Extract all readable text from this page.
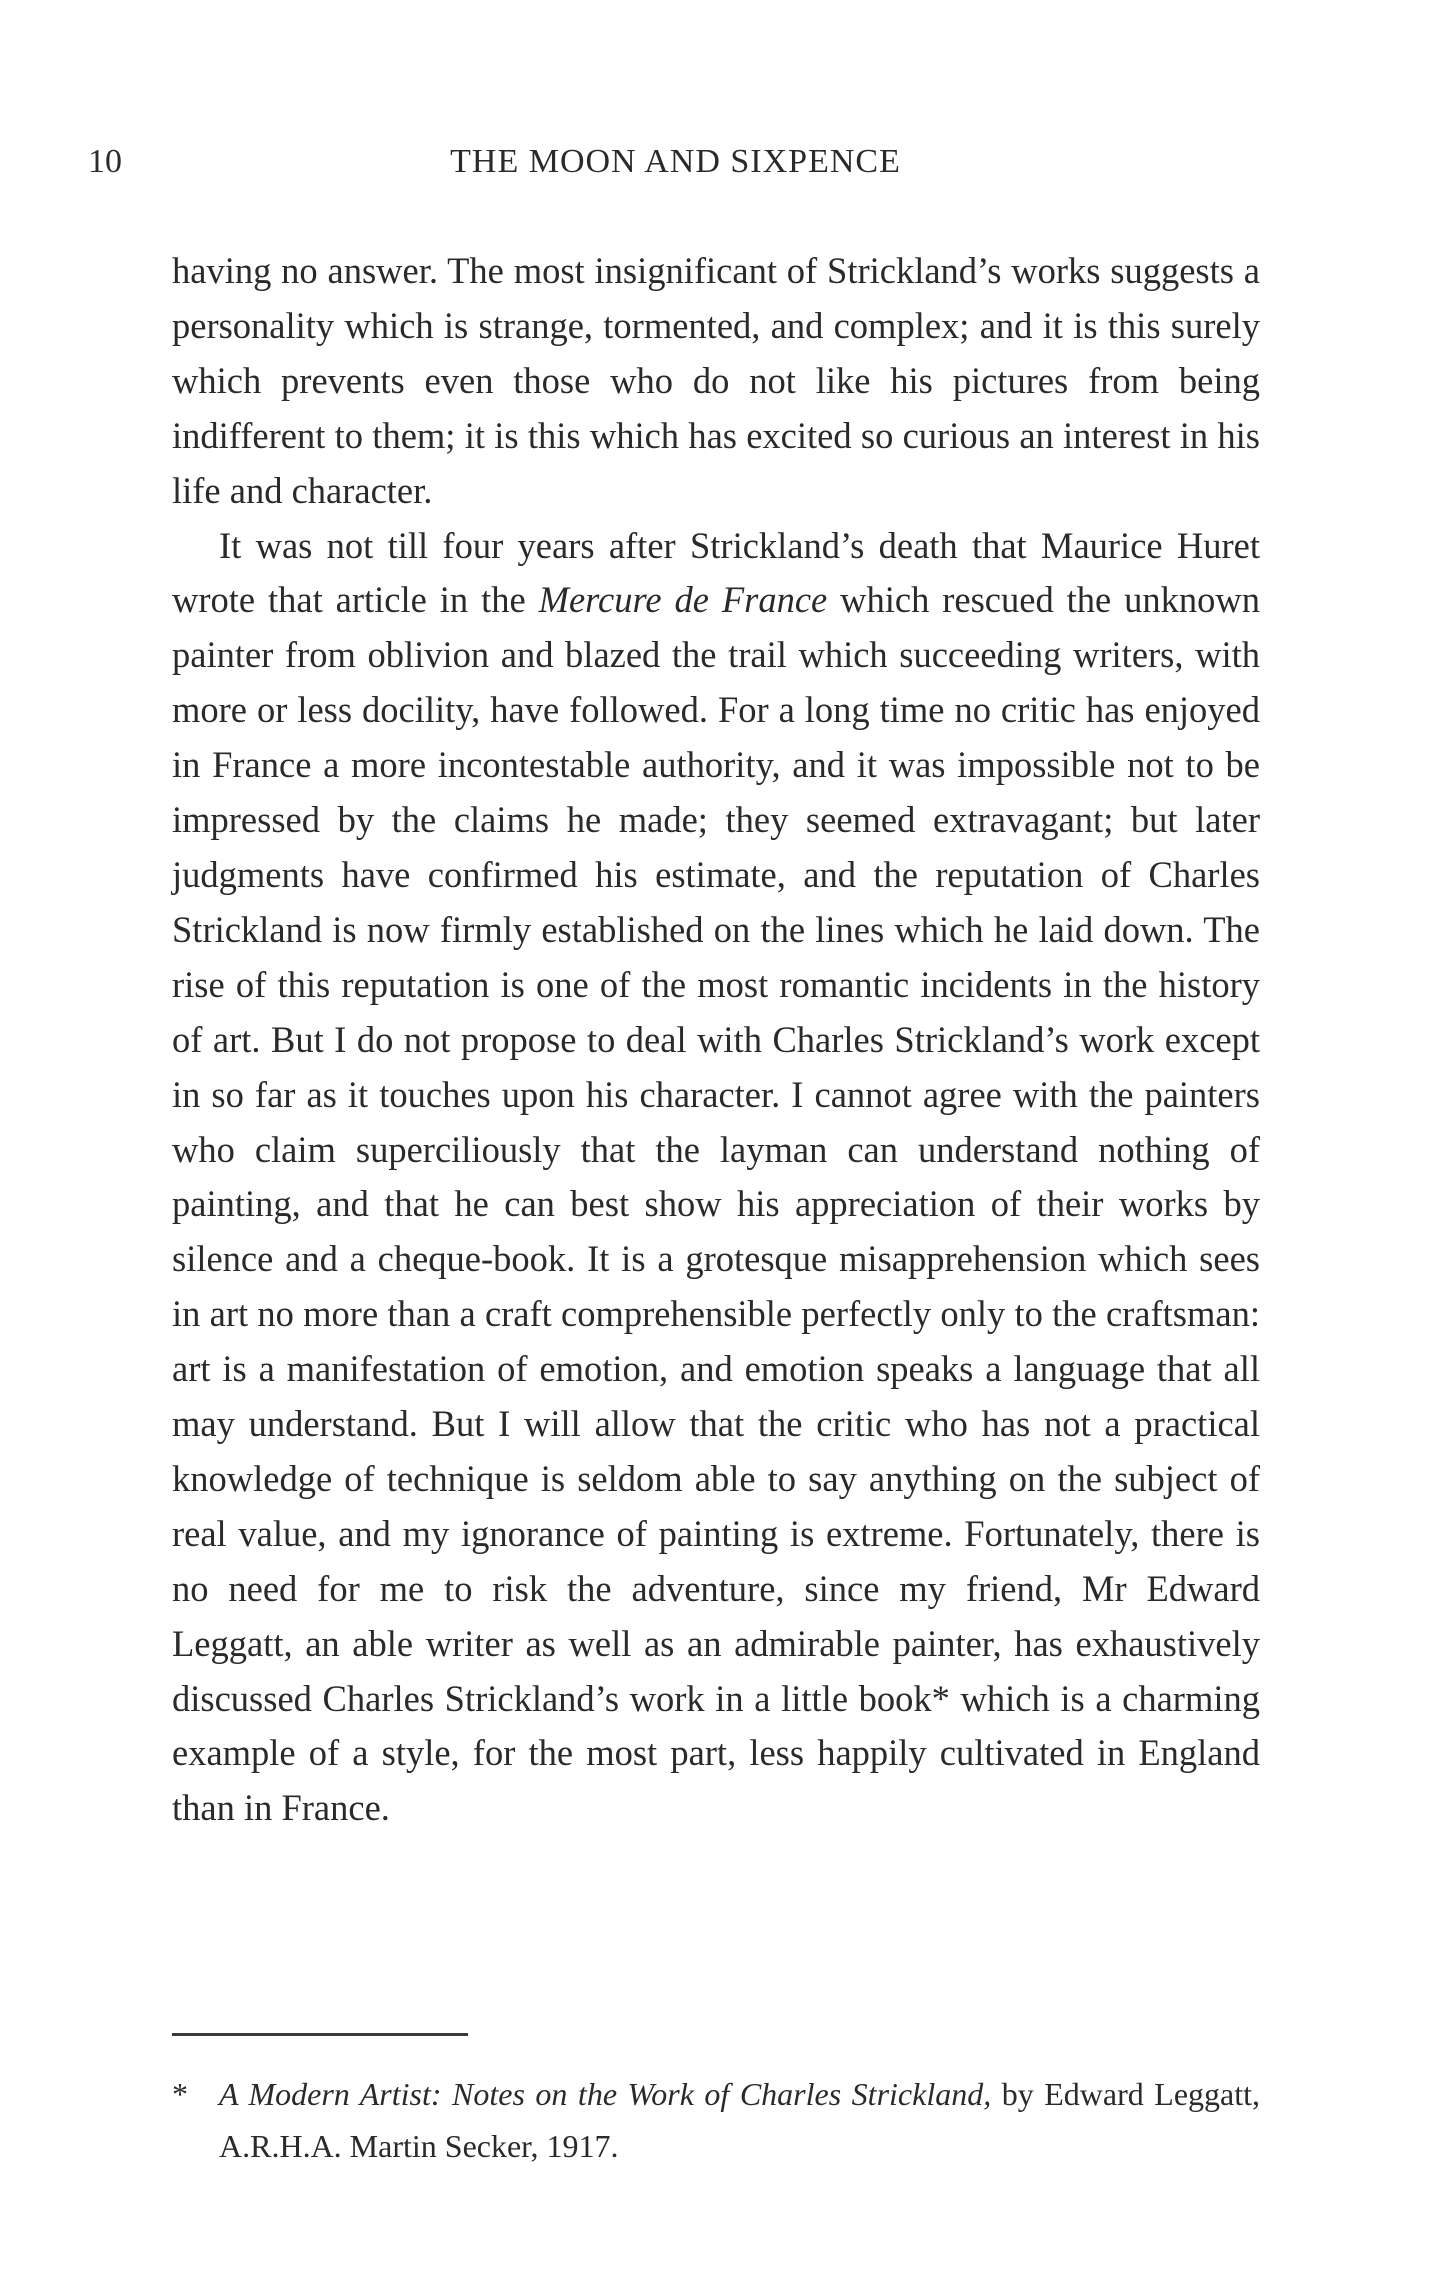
10	THE MOON AND SIXPENCE

having no answer. The most insignificant of Strickland’s works suggests a personality which is strange, tormented, and complex; and it is this surely which prevents even those who do not like his pictures from being indifferent to them; it is this which has excited so curious an interest in his life and character.

It was not till four years after Strickland’s death that Maurice Huret wrote that article in the Mercure de France which rescued the unknown painter from oblivion and blazed the trail which succeeding writers, with more or less docility, have followed. For a long time no critic has enjoyed in France a more incontestable authority, and it was impossible not to be impressed by the claims he made; they seemed extravagant; but later judgments have confirmed his estimate, and the reputation of Charles Strickland is now firmly established on the lines which he laid down. The rise of this reputation is one of the most romantic incidents in the history of art. But I do not propose to deal with Charles Strickland’s work except in so far as it touches upon his character. I cannot agree with the painters who claim superciliously that the layman can understand nothing of painting, and that he can best show his appreciation of their works by silence and a cheque-book. It is a grotesque misapprehension which sees in art no more than a craft comprehensible perfectly only to the craftsman: art is a manifestation of emotion, and emotion speaks a language that all may understand. But I will allow that the critic who has not a practical knowledge of technique is seldom able to say anything on the subject of real value, and my ignorance of painting is extreme. Fortunately, there is no need for me to risk the adventure, since my friend, Mr Edward Leggatt, an able writer as well as an admirable painter, has exhaustively discussed Charles Strickland’s work in a little book* which is a charming example of a style, for the most part, less happily cultivated in England than in France.

* A Modern Artist: Notes on the Work of Charles Strickland, by Edward Leggatt, A.R.H.A. Martin Secker, 1917.
